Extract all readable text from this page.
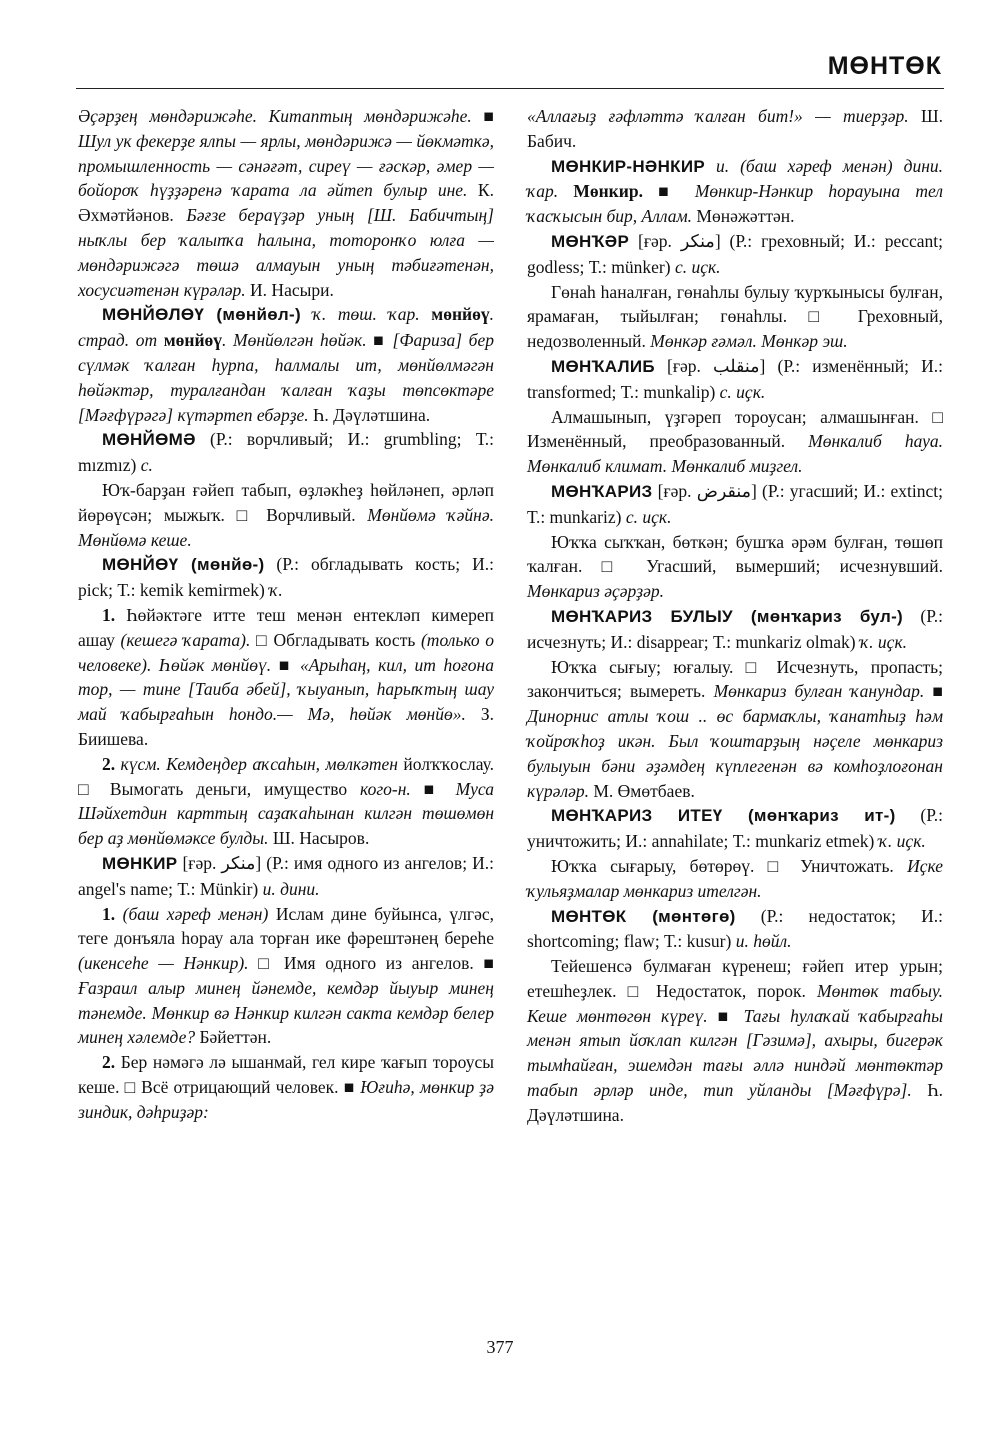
МӨНТӨК

Әҫәрҙең мөндәрижәһе. Китаптың мөндәрижәһе. ■ Шул ук фекерҙе ялпы — ярлы, мөндәрижә — йөкмәткә, промышленность — сәнәғәт, сиреү — ғәскәр, әмер — бойороҡ һүҙҙәренә ҡарата ла әйтеп булыр ине. К. Әхмәтйәнов. Бәғзе бераүҙәр уның [Ш. Бабичтың] ныҡлы бер ҡалыпҡа һалына, тоторонҡо юлға — мөндәрижәгә төшә алмауын уның тәбиғәтенән, хосусиәтенән күрәләр. И. Насыри.

МӨНЙӨЛӨҮ (мөнйөл-) ҡ. төш. ҡар. мөнйөү. страд. от мөнйөү. Мөнйөлгән һөйәк. ■ [Фариза] бер сүлмәк ҡалған һурпа, һалмалы ит, мөнйөлмәгән һөйәктәр, туралғандан ҡалған ҡаҙы төпсөктәре [Мәғфүрәгә] күтәртеп ебәрҙе. Һ. Дәүләтшина.

МӨНЙӨМӘ (Р.: ворчливый; И.: grumbling; Т.: mızmız) с.

Юҡ-барҙан ғәйеп табып, өҙләкһеҙ һөйләнеп, әрләп йөрөүсән; мыжыҡ. □ Ворчливый. Мөнйөмә ҡәйнә. Мөнйөмә кеше.

МӨНЙӨҮ (мөнйө-) (Р.: обгладывать кость; И.: pick; Т.: kemik kemirmek) ҡ.

1. Һөйәктәге итте теш менән ентекләп кимереп ашау (кешегә ҡарата). □ Обгладывать кость (только о человеке). Һөйәк мөнйөү. ■ «Арыһаң, кил, ит һоғона тор, — тине [Таиба әбей], ҡыуанып, һарыҡтың шау май ҡабырғаһын һондо.— Мә, һөйәк мөнйө». З. Биишева.

2. күсм. Кемдеңдер аҡсаһын, мөлкәтен йолҡҡослау. □ Вымогать деньги, имущество кого-н. ■ Муса Шәйхетдин карттың саҙаҡаһынан килгән төшөмөн бер аҙ мөнйөмәксе булды. Ш. Насыров.

МӨНКИР [ғәр. منكر] (Р.: имя одного из ангелов; И.: angel's name; Т.: Münkir) и. дини.

1. (баш хәреф менән) Ислам дине буйынса, үлгәс, теге донъяла һорау ала торған ике фәрештәнең береһе (икенсеһе — Нәнкир). □ Имя одного из ангелов. ■ Ғазраил алыр минең йәнемде, кемдәр йыуыр минең тәнемде. Мөнкир вә Нәнкир килгән сакта кемдәр белер минең хәлемде? Бәйеттән.

2. Бер нәмәгә лә ышанмай, гел кире ҡағып тороусы кеше. □ Всё отрицающий человек. ■ Юғиһә, мөнкир ҙә зиндик, дәһриҙәр:

«Аллағыҙ ғәфләттә ҡалған бит!» — тиерҙәр. Ш. Бабич.

МӨНКИР-НӘНКИР и. (баш хәреф менән) дини. ҡар. Мөнкир. ■ Мөнкир-Нәнкир һорауына тел ҡасҡысын бир, Аллам. Мөнәжәттән.

МӨНҠӘР [ғәр. منكر] (Р.: греховный; И.: peccant; godless; Т.: münker) с. иҫк.

Гөнаһ һаналған, гөнаһлы булыу ҡурҡынысы булған, ярамаған, тыйылған; гөнаһлы. □ Греховный, недозволенный. Мөнкәр ғәмәл. Мөнкәр эш.

МӨНҠАЛИБ [ғәр. منقلب] (Р.: изменённый; И.: transformed; Т.: munkalip) с. иҫк.

Алмашынып, үҙгәреп тороусан; алмашынған. □ Изменённый, преобразованный. Мөнкалиб һауа. Мөнкалиб климат. Мөнкалиб миҙгел.

МӨНҠАРИЗ [ғәр. منقرض] (Р.: угасший; И.: extinct; Т.: munkariz) с. иҫк.

Юҡҡа сыҡҡан, бөткән; бушҡа әрәм булған, төшөп ҡалған. □ Угасший, вымерший; исчезнувший. Мөнкариз әҫәрҙәр.

МӨНҠАРИЗ БУЛЫУ (мөнҡариз бул-) (Р.: исчезнуть; И.: disappear; Т.: munkariz olmak) ҡ. иҫк.

Юҡҡа сығыу; юғалыу. □ Исчезнуть, пропасть; закончиться; вымереть. Мөнкариз булған ҡанундар. ■ Динорнис атлы ҡош .. өс бармаҡлы, ҡанатһыҙ һәм ҡойроҡһоҙ икән. Был ҡоштарҙың нәҫеле мөнкариз булыуын бәни әҙәмдең күплегенән вә комһоҙлоғонан күрәләр. М. Өмөтбаев.

МӨНҠАРИЗ ИТЕҮ (мөнҡариз ит-) (Р.: уничтожить; И.: annahilate; Т.: munkariz etmek) ҡ. иҫк.

Юҡҡа сығарыу, бөтөрөү. □ Уничтожать. Иҫке ҡульяҙмалар мөнкариз ителгән.

МӨНТӨК (мөнтөгө) (Р.: недостаток; И.: shortcoming; flaw; Т.: kusur) и. һөйл.

Тейешенсә булмаған күренеш; ғәйеп итер урын; етешһеҙлек. □ Недостаток, порок. Мөнтөк табыу. Кеше мөнтөгөн күреү. ■ Тағы һулаҡай ҡабырғаһы менән ятып йоҡлап килгән [Гәзимә], ахыры, бигерәк тымһайған, эшемдән тағы әллә ниндәй мөнтөктәр табып әрләр инде, тип уйланды [Мәғфүрә]. Һ. Дәүләтшина.

377
